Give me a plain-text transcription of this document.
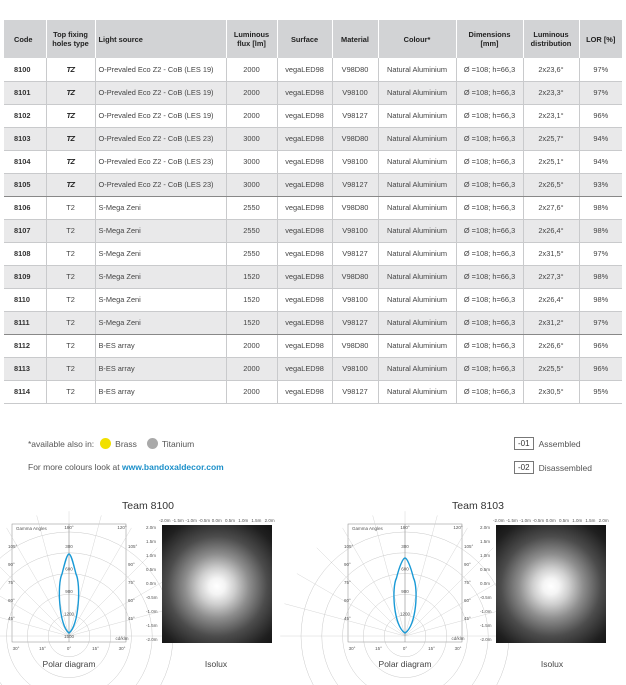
Code	Top fixing holes type	Light source	Luminous flux [lm]	Surface	Material	Colour*	Dimensions [mm]	Luminous distribution	LOR [%]
8100	TZ	O-Prevaled Eco Z2 - CoB (LES 19)	2000	vegaLED98	V98D80	Natural Aluminium	Ø =108; h=66,3	2x23,6°	97%
8101	TZ	O-Prevaled Eco Z2 - CoB (LES 19)	2000	vegaLED98	V98100	Natural Aluminium	Ø =108; h=66,3	2x23,3°	97%
8102	TZ	O-Prevaled Eco Z2 - CoB (LES 19)	2000	vegaLED98	V98127	Natural Aluminium	Ø =108; h=66,3	2x23,1°	96%
8103	TZ	O-Prevaled Eco Z2 - CoB (LES 23)	3000	vegaLED98	V98D80	Natural Aluminium	Ø =108; h=66,3	2x25,7°	94%
8104	TZ	O-Prevaled Eco Z2 - CoB (LES 23)	3000	vegaLED98	V98100	Natural Aluminium	Ø =108; h=66,3	2x25,1°	94%
8105	TZ	O-Prevaled Eco Z2 - CoB (LES 23)	3000	vegaLED98	V98127	Natural Aluminium	Ø =108; h=66,3	2x26,5°	93%
8106	T2	S-Mega Zeni	2550	vegaLED98	V98D80	Natural Aluminium	Ø =108; h=66,3	2x27,6°	98%
8107	T2	S-Mega Zeni	2550	vegaLED98	V98100	Natural Aluminium	Ø =108; h=66,3	2x26,4°	98%
8108	T2	S-Mega Zeni	2550	vegaLED98	V98127	Natural Aluminium	Ø =108; h=66,3	2x31,5°	97%
8109	T2	S-Mega Zeni	1520	vegaLED98	V98D80	Natural Aluminium	Ø =108; h=66,3	2x27,3°	98%
8110	T2	S-Mega Zeni	1520	vegaLED98	V98100	Natural Aluminium	Ø =108; h=66,3	2x26,4°	98%
8111	T2	S-Mega Zeni	1520	vegaLED98	V98127	Natural Aluminium	Ø =108; h=66,3	2x31,2°	97%
8112	T2	B-ES array	2000	vegaLED98	V98D80	Natural Aluminium	Ø =108; h=66,3	2x26,6°	96%
8113	T2	B-ES array	2000	vegaLED98	V98100	Natural Aluminium	Ø =108; h=66,3	2x25,5°	96%
8114	T2	B-ES array	2000	vegaLED98	V98127	Natural Aluminium	Ø =108; h=66,3	2x30,5°	95%
*available also in: Brass	Titanium
For more colours look at www.bandoxaldecor.com
-01	Assembled
-02	Disassembled
Team 8100
Gamma Angles	180°	120°
cd/klm
30°	15°	0°	15°	30°
105°
90°
75°
60°
45°
105°
90°
75°
60°
45°
300
600
900
1200
1500
-2.0m -1.5m -1.0m -0.5m 0.0m 0.5m 1.0m 1.5m 2.0m
2.0m
1.5m
1.0m
0.5m
0.0m
-0.5m
-1.0m
-1.5m
-2.0m
Polar diagram	Isolux
Team 8103
Gamma Angles	180°	120°
cd/klm
30°	15°	0°	15°	30°
105°
90°
75°
60°
45°
105°
90°
75°
60°
45°
300
600
900
1200
-2.0m -1.5m -1.0m -0.5m 0.0m 0.5m 1.0m 1.5m 2.0m
2.0m
1.5m
1.0m
0.5m
0.0m
-0.5m
-1.0m
-1.5m
-2.0m
Polar diagram	Isolux
